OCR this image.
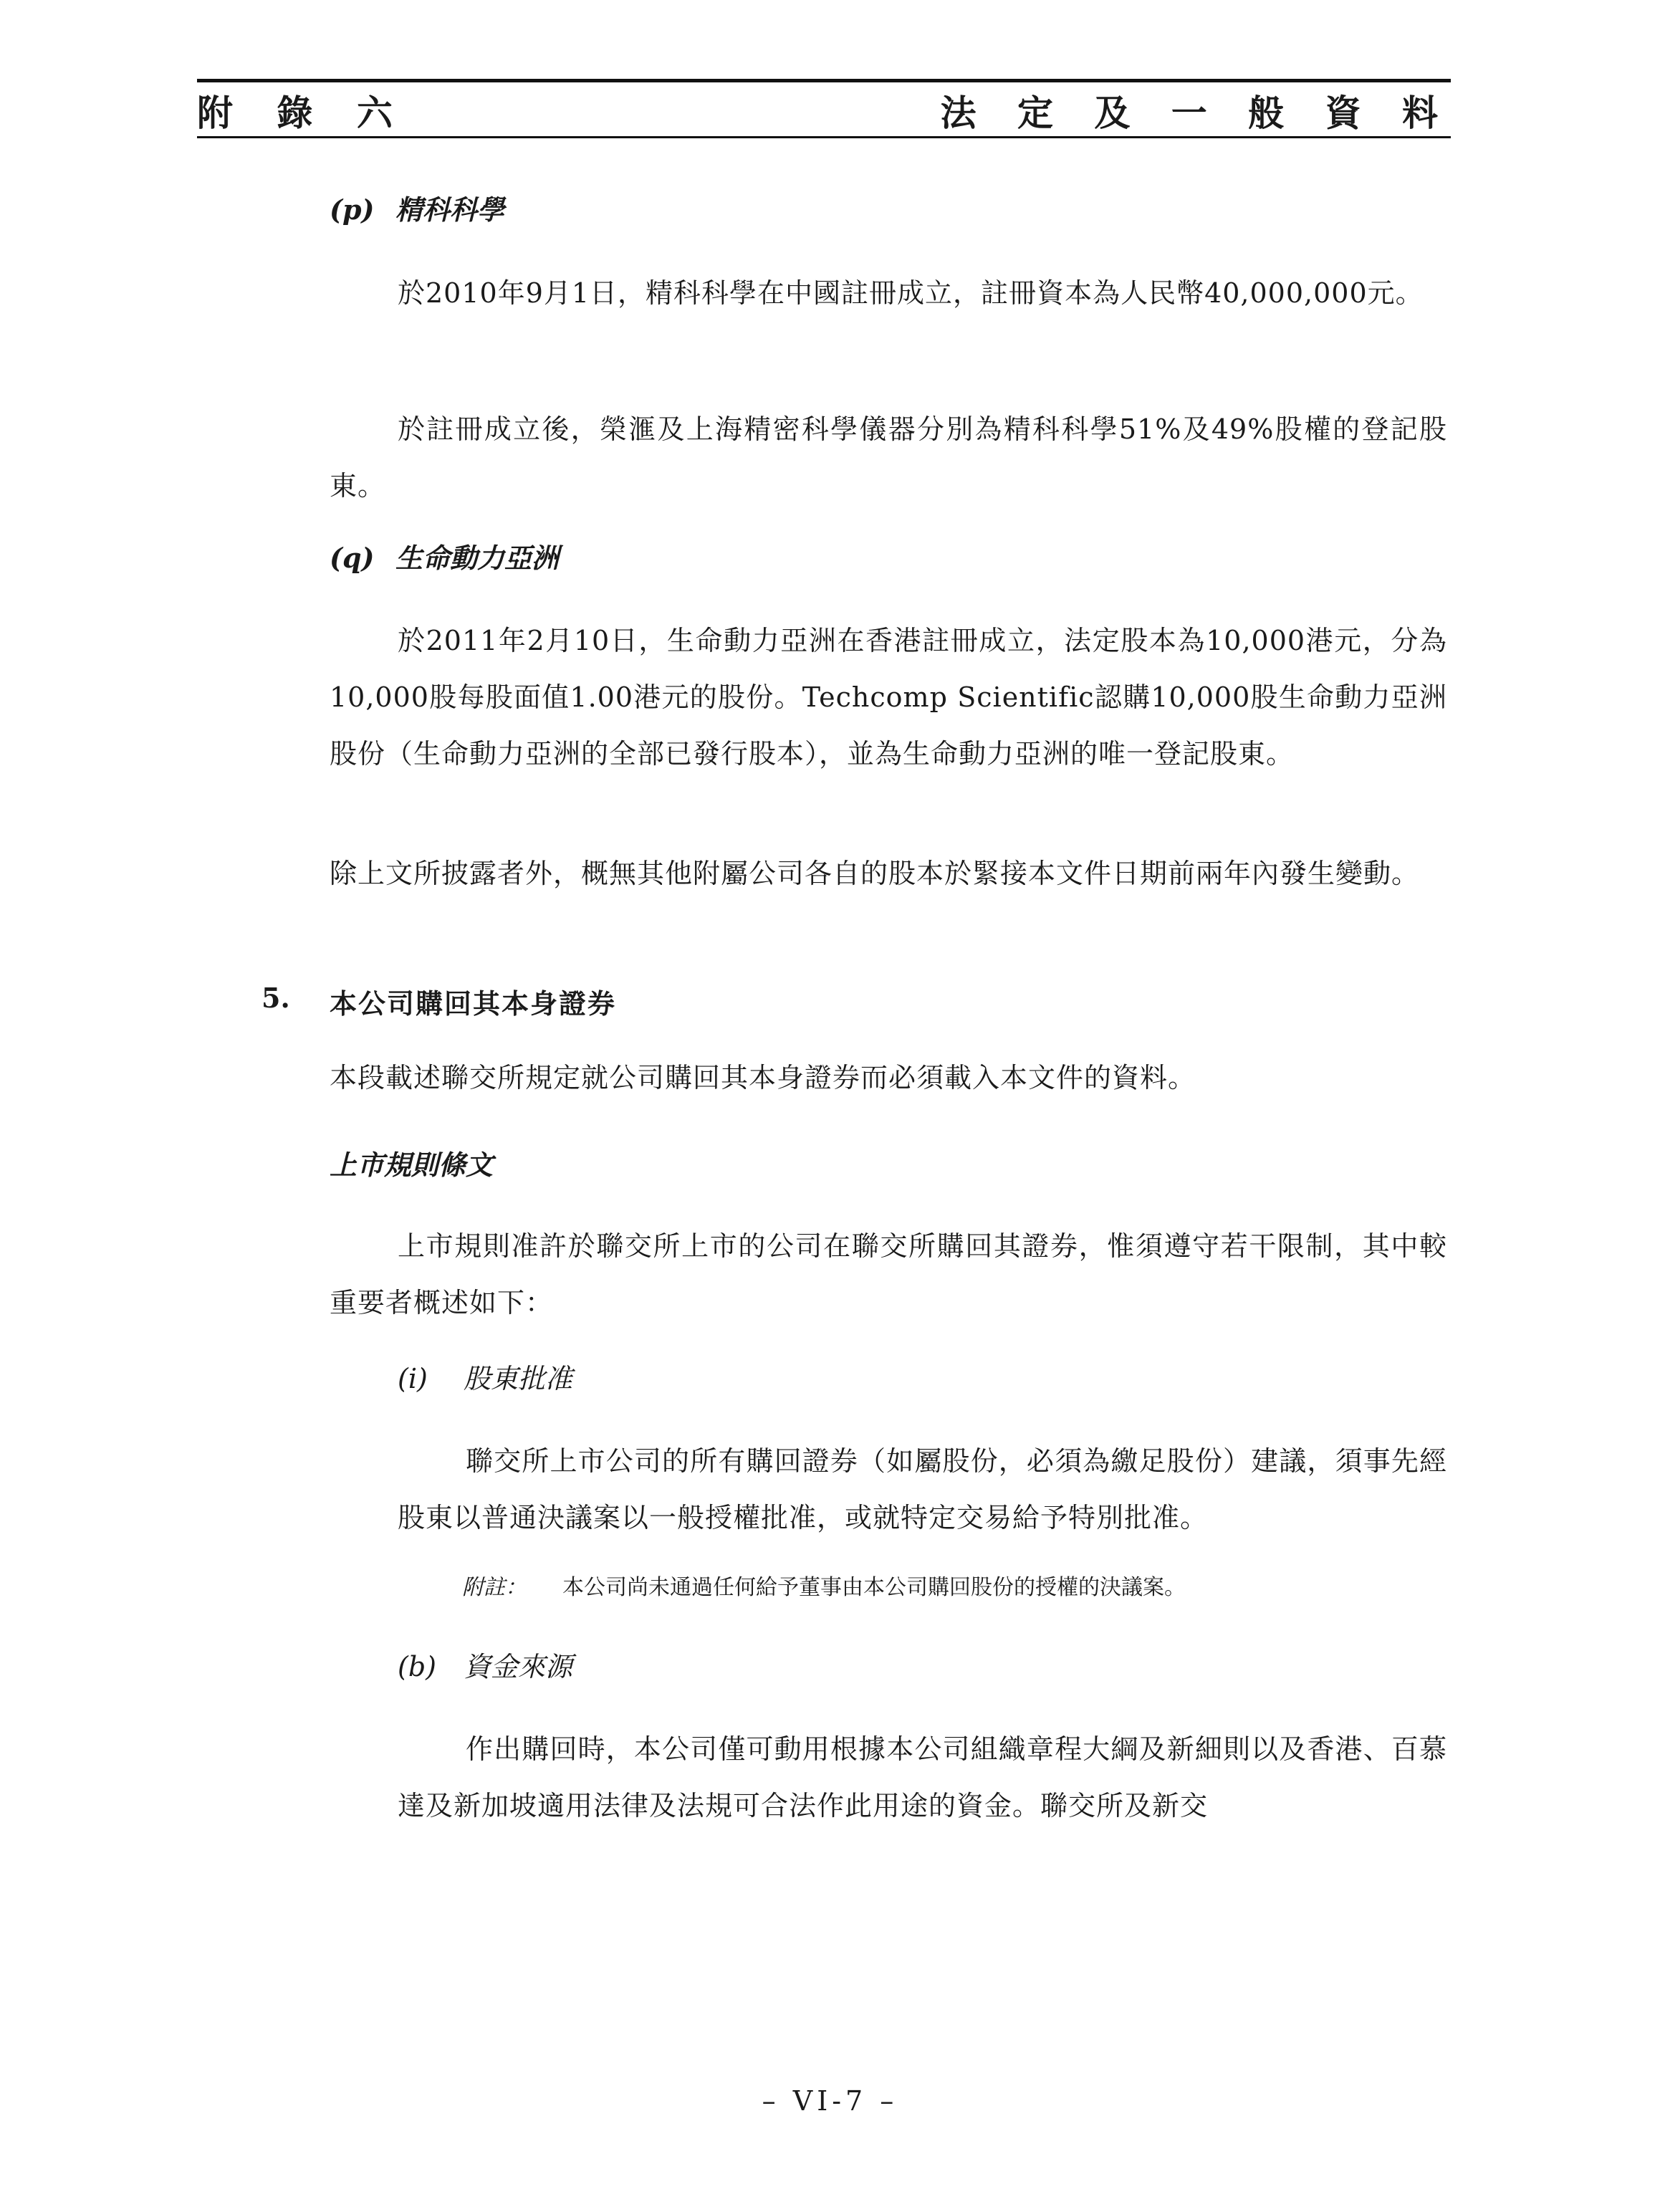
附 錄 六	法 定 及 一 般 資 料
(p) 精科科學
於2010年9月1日，精科科學在中國註冊成立，註冊資本為人民幣40,000,000元。
於註冊成立後，榮滙及上海精密科學儀器分別為精科科學51%及49%股權的登記股東。
(q) 生命動力亞洲
於2011年2月10日，生命動力亞洲在香港註冊成立，法定股本為10,000港元，分為10,000股每股面值1.00港元的股份。Techcomp Scientific認購10,000股生命動力亞洲股份（生命動力亞洲的全部已發行股本），並為生命動力亞洲的唯一登記股東。
除上文所披露者外，概無其他附屬公司各自的股本於緊接本文件日期前兩年內發生變動。
5. 本公司購回其本身證券
本段載述聯交所規定就公司購回其本身證券而必須載入本文件的資料。
上市規則條文
上市規則准許於聯交所上市的公司在聯交所購回其證券，惟須遵守若干限制，其中較重要者概述如下：
(i) 股東批准
聯交所上市公司的所有購回證券（如屬股份，必須為繳足股份）建議，須事先經股東以普通決議案以一般授權批准，或就特定交易給予特別批准。
附註： 本公司尚未通過任何給予董事由本公司購回股份的授權的決議案。
(b) 資金來源
作出購回時，本公司僅可動用根據本公司組織章程大綱及新細則以及香港、百慕達及新加坡適用法律及法規可合法作此用途的資金。聯交所及新交
– VI-7 –
